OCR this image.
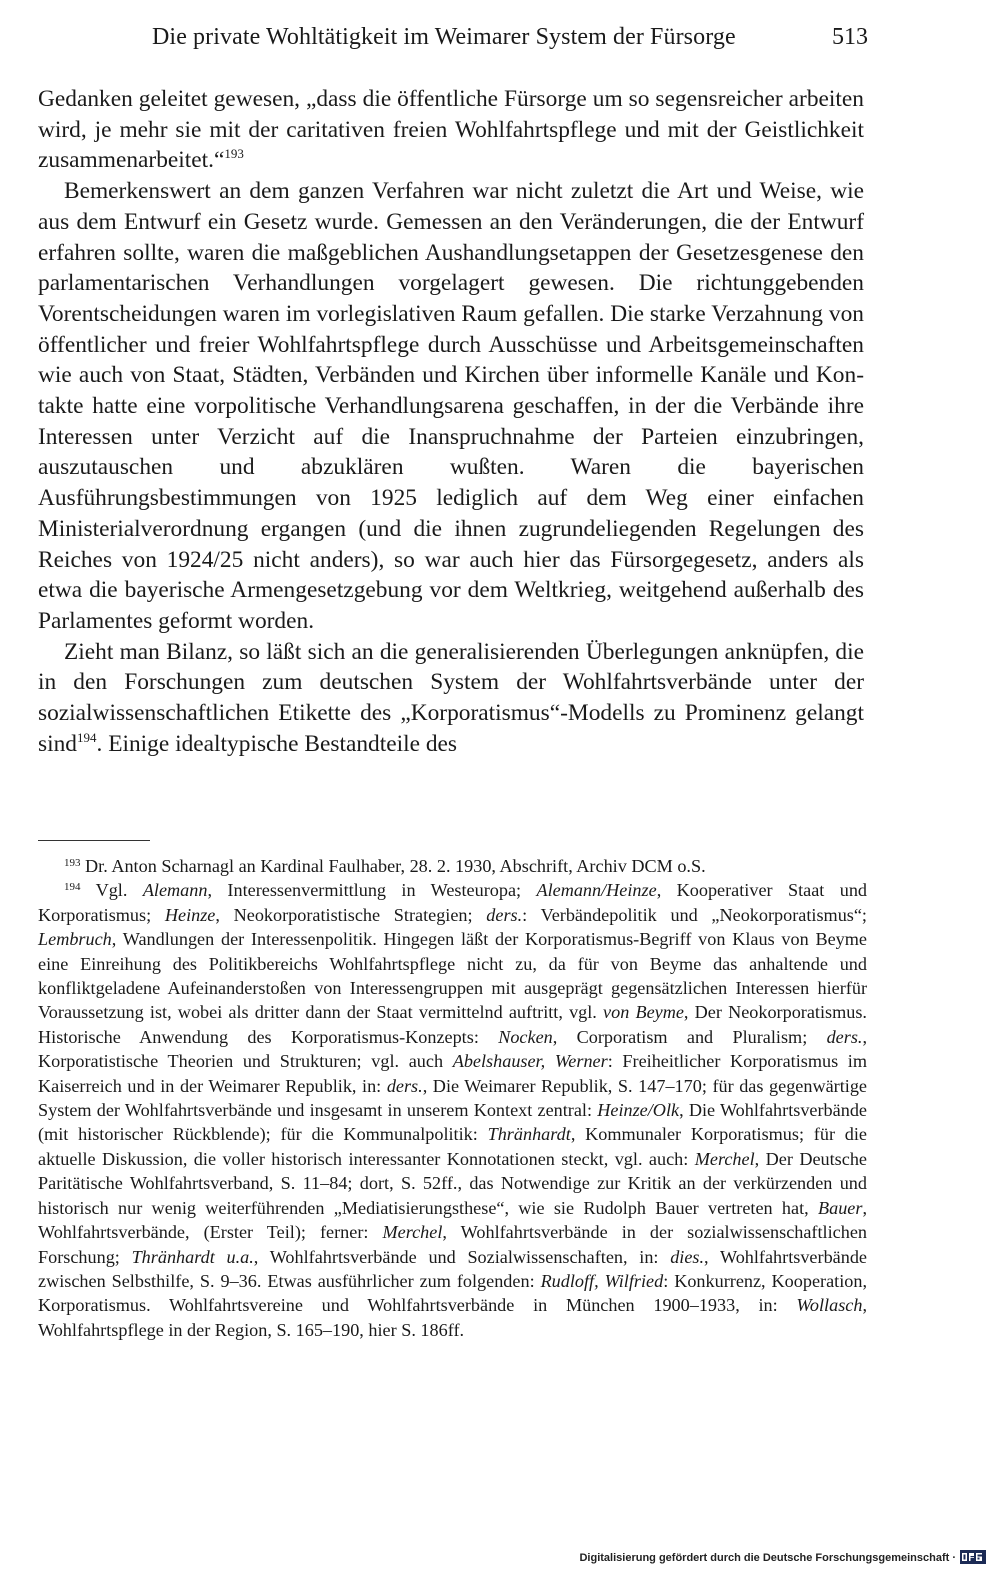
Die private Wohltätigkeit im Weimarer System der Fürsorge	513

Gedanken geleitet gewesen, „dass die öffentliche Fürsorge um so segensreicher arbeiten wird, je mehr sie mit der caritativen freien Wohlfahrtspflege und mit der Geistlichkeit zusammenarbeitet.“$^{193}$

Bemerkenswert an dem ganzen Verfahren war nicht zuletzt die Art und Weise, wie aus dem Entwurf ein Gesetz wurde. Gemessen an den Veränderungen, die der Entwurf erfahren sollte, waren die maßgeblichen Aushandlungsetappen der Gesetzesgenese den parlamentarischen Verhandlungen vorgelagert gewesen. Die richtunggebenden Vorentscheidungen waren im vorlegislativen Raum gefallen. Die starke Verzahnung von öffentlicher und freier Wohlfahrtspflege durch Ausschüsse und Arbeitsgemeinschaften wie auch von Staat, Städten, Verbänden und Kirchen über informelle Kanäle und Kontakte hatte eine vorpolitische Verhandlungsarena geschaffen, in der die Verbände ihre Interessen unter Verzicht auf die Inanspruchnahme der Parteien einzubringen, auszutauschen und abzuklären wußten. Waren die bayerischen Ausführungsbestimmungen von 1925 lediglich auf dem Weg einer einfachen Ministerialverordnung ergangen (und die ihnen zugrundeliegenden Regelungen des Reiches von 1924/25 nicht anders), so war auch hier das Fürsorgegesetz, anders als etwa die bayerische Armengesetzgebung vor dem Weltkrieg, weitgehend außerhalb des Parlamentes geformt worden.

Zieht man Bilanz, so läßt sich an die generalisierenden Überlegungen anknüpfen, die in den Forschungen zum deutschen System der Wohlfahrtsverbände unter der sozialwissenschaftlichen Etikette des „Korporatismus“-Modells zu Prominenz gelangt sind$^{194}$. Einige idealtypische Bestandteile des

$^{193}$ Dr. Anton Scharnagl an Kardinal Faulhaber, 28. 2. 1930, Abschrift, Archiv DCM o.S.

$^{194}$ Vgl. Alemann, Interessenvermittlung in Westeuropa; Alemann/Heinze, Kooperativer Staat und Korporatismus; Heinze, Neokorporatistische Strategien; ders.: Verbändepolitik und „Neokorporatismus“; Lembruch, Wandlungen der Interessenpolitik. Hingegen läßt der Korporatismus-Begriff von Klaus von Beyme eine Einreihung des Politikbereichs Wohlfahrtspflege nicht zu, da für von Beyme das anhaltende und konfliktgeladene Aufeinanderstoßen von Interessengruppen mit ausgeprägt gegensätzlichen Interessen hierfür Voraussetzung ist, wobei als dritter dann der Staat vermittelnd auftritt, vgl. von Beyme, Der Neokorporatismus. Historische Anwendung des Korporatismus-Konzepts: Nocken, Corporatism and Pluralism; ders., Korporatistische Theorien und Strukturen; vgl. auch Abelshauser, Werner: Freiheitlicher Korporatismus im Kaiserreich und in der Weimarer Republik, in: ders., Die Weimarer Republik, S. 147–170; für das gegenwärtige System der Wohlfahrtsverbände und insgesamt in unserem Kontext zentral: Heinze/Olk, Die Wohlfahrtsverbände (mit historischer Rückblende); für die Kommunalpolitik: Thränhardt, Kommunaler Korporatismus; für die aktuelle Diskussion, die voller historisch interessanter Konnotationen steckt, vgl. auch: Merchel, Der Deutsche Paritätische Wohlfahrtsverband, S. 11–84; dort, S. 52ff., das Notwendige zur Kritik an der verkürzenden und historisch nur wenig weiterführenden „Mediatisierungsthese“, wie sie Rudolph Bauer vertreten hat, Bauer, Wohlfahrtsverbände, (Erster Teil); ferner: Merchel, Wohlfahrtsverbände in der sozialwissenschaftlichen Forschung; Thränhardt u.a., Wohlfahrtsverbände und Sozialwissenschaften, in: dies., Wohlfahrtsverbände zwischen Selbsthilfe, S. 9–36. Etwas ausführlicher zum folgenden: Rudloff, Wilfried: Konkurrenz, Kooperation, Korporatismus. Wohlfahrtsvereine und Wohlfahrtsverbände in München 1900–1933, in: Wollasch, Wohlfahrtspflege in der Region, S. 165–190, hier S. 186ff.

Digitalisierung gefördert durch die Deutsche Forschungsgemeinschaft ·
